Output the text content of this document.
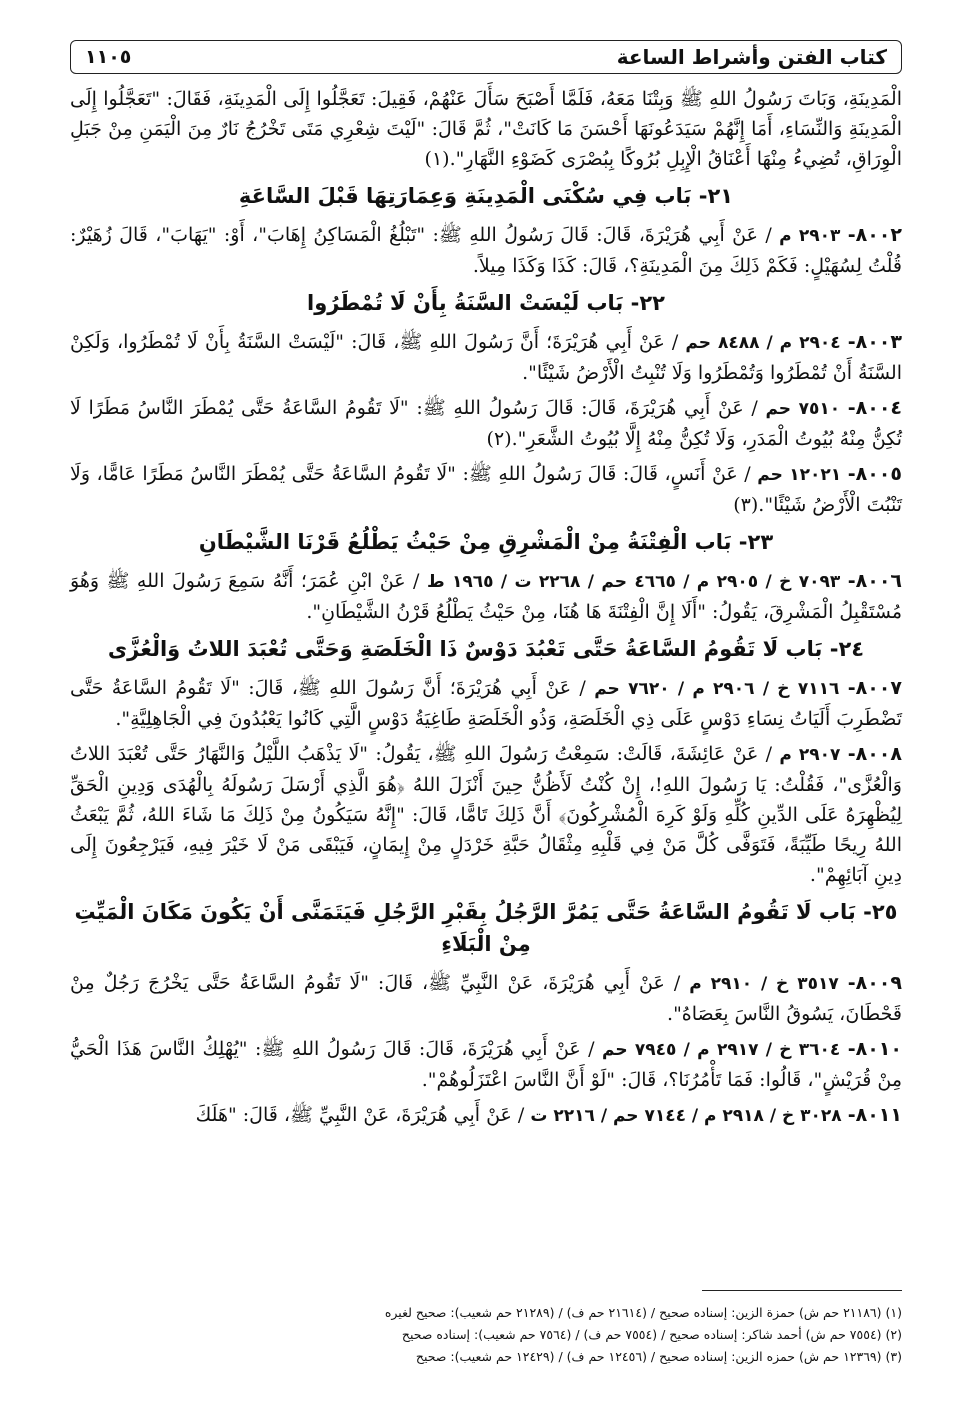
كتاب الفتن وأشراط الساعة
١١٠٥

الْمَدِينَةِ، وَبَاتَ رَسُولُ اللهِ ﷺ وَبِتْنَا مَعَهُ، فَلَمَّا أَصْبَحَ سَأَلَ عَنْهُمْ، فَقِيلَ: تَعَجَّلُوا إِلَى الْمَدِينَةِ، فَقَالَ: "تَعَجَّلُوا إِلَى الْمَدِينَةِ وَالنِّسَاءِ، أَمَا إِنَّهُمْ سَيَدَعُونَهَا أَحْسَنَ مَا كَانَتْ"، ثُمَّ قَالَ: "لَيْتَ شِعْرِي مَتَى تَخْرُجُ نَارٌ مِنَ الْيَمَنِ مِنْ جَبَلِ الْوِرَاقِ، تُضِيءُ مِنْهَا أَعْنَاقُ الْإِبِلِ بُرُوكًا بِبُصْرَى كَضَوْءِ النَّهَارِ".(١)

٢١- بَاب فِي سُكْنَى الْمَدِينَةِ وَعِمَارَتِهَا قَبْلَ السَّاعَةِ

٨٠٠٢- ٢٩٠٣ م / عَنْ أَبِي هُرَيْرَةَ، قَالَ: قَالَ رَسُولُ اللهِ ﷺ: "تَبْلُغُ الْمَسَاكِنُ إِهَابَ"، أَوْ: "يَهَابَ"، قَالَ زُهَيْرٌ: قُلْتُ لِسُهَيْلٍ: فَكَمْ ذَلِكَ مِنَ الْمَدِينَةِ؟، قَالَ: كَذَا وَكَذَا مِيلاً.

٢٢- بَاب لَيْسَتْ السَّنَةُ بِأَنْ لَا تُمْطَرُوا

٨٠٠٣- ٢٩٠٤ م / ٨٤٨٨ حم / عَنْ أَبِي هُرَيْرَةَ؛ أَنَّ رَسُولَ اللهِ ﷺ، قَالَ: "لَيْسَتْ السَّنَةُ بِأَنْ لَا تُمْطَرُوا، وَلَكِنْ السَّنَةُ أَنْ تُمْطَرُوا وَتُمْطَرُوا وَلَا تُنْبِتُ الْأَرْضُ شَيْئًا".

٨٠٠٤- ٧٥١٠ حم / عَنْ أَبِي هُرَيْرَةَ، قَالَ: قَالَ رَسُولُ اللهِ ﷺ: "لَا تَقُومُ السَّاعَةُ حَتَّى يُمْطَرَ النَّاسُ مَطَرًا لَا تُكِنُّ مِنْهُ بُيُوتُ الْمَدَرِ، وَلَا تُكِنُّ مِنْهُ إِلَّا بُيُوتُ الشَّعَرِ".(٢)

٨٠٠٥- ١٢٠٢١ حم / عَنْ أَنَسٍ، قَالَ: قَالَ رَسُولُ اللهِ ﷺ: "لَا تَقُومُ السَّاعَةُ حَتَّى يُمْطَرَ النَّاسُ مَطَرًا عَامًّا، وَلَا تَنْبُتَ الْأَرْضُ شَيْئًا".(٣)

٢٣- بَاب الْفِتْنَةُ مِنْ الْمَشْرِقِ مِنْ حَيْثُ يَطْلُعُ قَرْنَا الشَّيْطَانِ

٨٠٠٦- ٧٠٩٣ خ / ٢٩٠٥ م / ٤٦٦٥ حم / ٢٢٦٨ ت / ١٩٦٥ ط / عَنْ ابْنِ عُمَرَ؛ أَنَّهُ سَمِعَ رَسُولَ اللهِ ﷺ وَهُوَ مُسْتَقْبِلُ الْمَشْرِقَ، يَقُولُ: "أَلَا إِنَّ الْفِتْنَةَ هَا هُنَا، مِنْ حَيْثُ يَطْلُعُ قَرْنُ الشَّيْطَانِ".

٢٤- بَاب لَا تَقُومُ السَّاعَةُ حَتَّى تَعْبُدَ دَوْسٌ ذَا الْخَلَصَةِ وَحَتَّى تُعْبَدَ اللاتُ وَالْعُزَّى

٨٠٠٧- ٧١١٦ خ / ٢٩٠٦ م / ٧٦٢٠ حم / عَنْ أَبِي هُرَيْرَةَ؛ أَنَّ رَسُولَ اللهِ ﷺ، قَالَ: "لَا تَقُومُ السَّاعَةُ حَتَّى تَضْطَرِبَ أَلَيَاتُ نِسَاءِ دَوْسٍ عَلَى ذِي الْخَلَصَةِ، وَذُو الْخَلَصَةِ طَاغِيَةُ دَوْسٍ الَّتِي كَانُوا يَعْبُدُونَ فِي الْجَاهِلِيَّةِ".

٨٠٠٨- ٢٩٠٧ م / عَنْ عَائِشَةَ، قَالَتْ: سَمِعْتُ رَسُولَ اللهِ ﷺ، يَقُولُ: "لَا يَذْهَبُ اللَّيْلُ وَالنَّهَارُ حَتَّى تُعْبَدَ اللاتُ وَالْعُزَّى"، فَقُلْتُ: يَا رَسُولَ اللهِ!، إِنْ كُنْتُ لَأَظُنُّ حِينَ أَنْزَلَ اللهُ ﴿هُوَ الَّذِي أَرْسَلَ رَسُولَهُ بِالْهُدَى وَدِينِ الْحَقِّ لِيُظْهِرَهُ عَلَى الدِّينِ كُلِّهِ وَلَوْ كَرِهَ الْمُشْرِكُونَ﴾ أَنَّ ذَلِكَ تَامًّا، قَالَ: "إِنَّهُ سَيَكُونُ مِنْ ذَلِكَ مَا شَاءَ اللهُ، ثُمَّ يَبْعَثُ اللهُ رِيحًا طَيِّبَةً، فَتَوَفَّى كُلَّ مَنْ فِي قَلْبِهِ مِثْقَالُ حَبَّةِ خَرْدَلٍ مِنْ إِيمَانٍ، فَيَبْقَى مَنْ لَا خَيْرَ فِيهِ، فَيَرْجِعُونَ إِلَى دِينِ آبَائِهِمْ".

٢٥- بَاب لَا تَقُومُ السَّاعَةُ حَتَّى يَمُرَّ الرَّجُلُ بِقَبْرِ الرَّجُلِ فَيَتَمَنَّى أَنْ يَكُونَ مَكَانَ الْمَيِّتِ مِنْ الْبَلَاءِ

٨٠٠٩- ٣٥١٧ خ / ٢٩١٠ م / عَنْ أَبِي هُرَيْرَةَ، عَنْ النَّبِيِّ ﷺ، قَالَ: "لَا تَقُومُ السَّاعَةُ حَتَّى يَخْرُجَ رَجُلٌ مِنْ قَحْطَانَ، يَسُوقُ النَّاسَ بِعَصَاهُ".

٨٠١٠- ٣٦٠٤ خ / ٢٩١٧ م / ٧٩٤٥ حم / عَنْ أَبِي هُرَيْرَةَ، قَالَ: قَالَ رَسُولُ اللهِ ﷺ: "يُهْلِكُ النَّاسَ هَذَا الْحَيُّ مِنْ قُرَيْشٍ"، قَالُوا: فَمَا تَأْمُرُنَا؟، قَالَ: "لَوْ أَنَّ النَّاسَ اعْتَزَلُوهُمْ".

٨٠١١- ٣٠٢٨ خ / ٢٩١٨ م / ٧١٤٤ حم / ٢٢١٦ ت / عَنْ أَبِي هُرَيْرَةَ، عَنْ النَّبِيِّ ﷺ، قَالَ: "هَلَكَ

(١) (٢١١٨٦ حم ش) حمزة الزين: إسناده صحيح / (٢١٦١٤ حم ف) / (٢١٢٨٩ حم شعيب): صحيح لغيره
(٢) (٧٥٥٤ حم ش) أحمد شاكر: إسناده صحيح / (٧٥٥٤ حم ف) / (٧٥٦٤ حم شعيب): إسناده صحيح
(٣) (١٢٣٦٩ حم ش) حمزه الزين: إسناده صحيح / (١٢٤٥٦ حم ف) / (١٢٤٢٩ حم شعيب): صحيح
